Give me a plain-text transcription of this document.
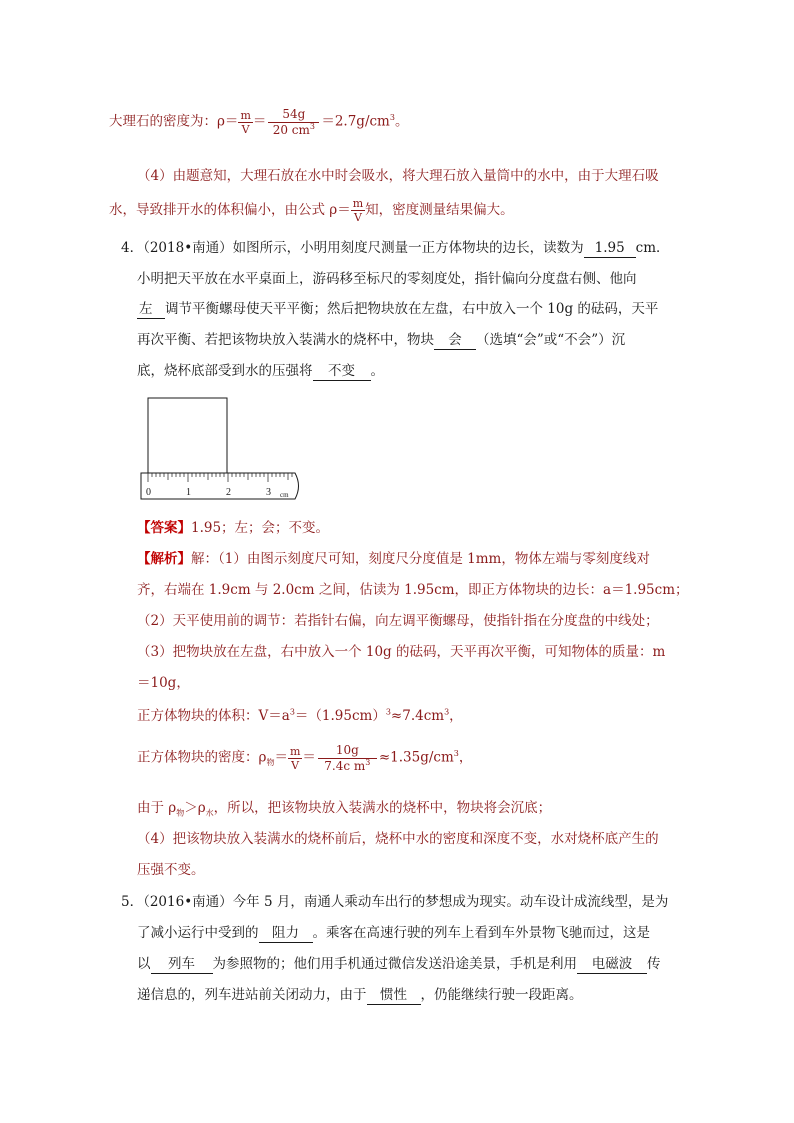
大理石的密度为：$\rho= \frac{m}{V} = \frac{54g}{20 cm^3} =2.7g/cm^3$。
（4）由题意知，大理石放在水中时会吸水，将大理石放入量筒中的水中，由于大理石吸
水，导致排开水的体积偏小，由公式 $\rho= \frac{m}{V}$ 知，密度测量结果偏大。
4．（2018•南通）如图所示，小明用刻度尺测量一正方体物块的边长，读数为 1.95 cm．
小明把天平放在水平桌面上，游码移至标尺的零刻度处，指针偏向分度盘右侧、他向
左 调节平衡螺母使天平平衡；然后把物块放在左盘，右中放入一个 10g 的砝码，天平
再次平衡、若把该物块放入装满水的烧杯中，物块 会 （选填“会”或“不会”）沉
底，烧杯底部受到水的压强将 不变 。
0	1	2	3 cm
【答案】1.95；左；会；不变。
【解析】解：（1）由图示刻度尺可知，刻度尺分度值是 1mm，物体左端与零刻度线对
齐，右端在 1.9cm 与 2.0cm 之间，估读为 1.95cm，即正方体物块的边长：a＝1.95cm；
（2）天平使用前的调节：若指针右偏，向左调平衡螺母，使指针指在分度盘的中线处；
（3）把物块放在左盘，右中放入一个 10g 的砝码，天平再次平衡，可知物体的质量：m
＝10g，
正方体物块的体积：$V=a^3=(1.95cm)^3\approx 7.4cm^3$，
正方体物块的密度：$\rho_物= \frac{m}{V} = \frac{10g}{7.4c m^3} \approx 1.35g/cm^3$，
由于 $\rho_物>\rho_水$，所以，把该物块放入装满水的烧杯中，物块将会沉底；
（4）把该物块放入装满水的烧杯前后，烧杯中水的密度和深度不变，水对烧杯底产生的
压强不变。
5．（2016•南通）今年 5 月，南通人乘动车出行的梦想成为现实。动车设计成流线型，是为
了减小运行中受到的 阻力 。乘客在高速行驶的列车上看到车外景物飞驰而过，这是
以 列车 为参照物的；他们用手机通过微信发送沿途美景，手机是利用 电磁波 传
递信息的，列车进站前关闭动力，由于 惯性 ，仍能继续行驶一段距离。
